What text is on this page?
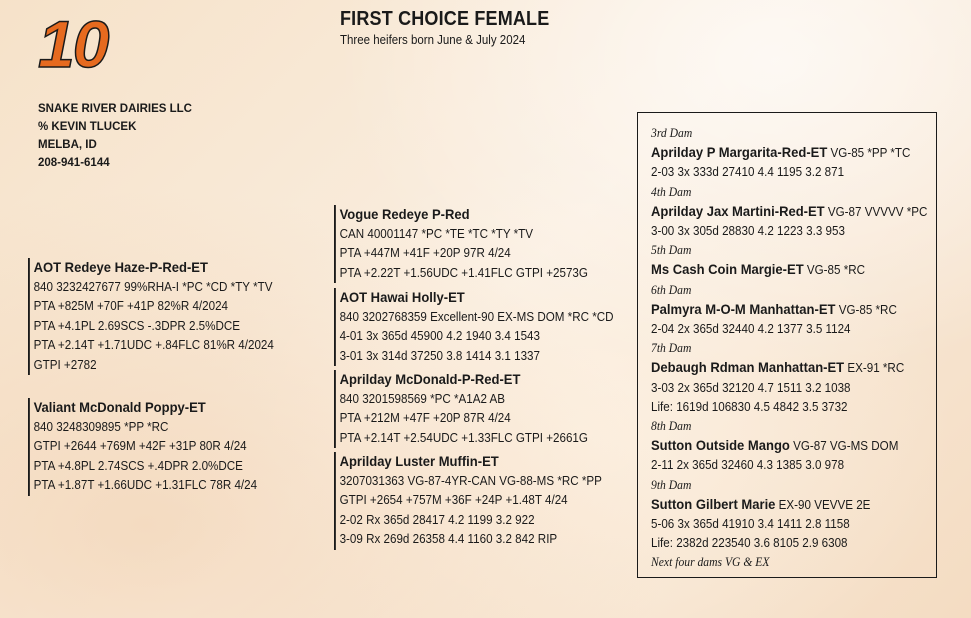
10	FIRST CHOICE FEMALE
Three heifers born June & July 2024
SNAKE RIVER DAIRIES LLC
% KEVIN TLUCEK
MELBA, ID
208-941-6144
AOT Redeye Haze-P-Red-ET
840 3232427677 99%RHA-I *PC *CD *TY *TV
PTA +825M +70F +41P 82%R 4/2024
PTA +4.1PL 2.69SCS -.3DPR 2.5%DCE
PTA +2.14T +1.71UDC +.84FLC 81%R 4/2024
GTPI +2782
Valiant McDonald Poppy-ET
840 3248309895 *PP *RC
GTPI +2644 +769M +42F +31P 80R 4/24
PTA +4.8PL 2.74SCS +.4DPR 2.0%DCE
PTA +1.87T +1.66UDC +1.31FLC 78R 4/24
Vogue Redeye P-Red
CAN 40001147 *PC *TE *TC *TY *TV
PTA +447M +41F +20P 97R 4/24
PTA +2.22T +1.56UDC +1.41FLC GTPI +2573G
AOT Hawai Holly-ET
840 3202768359 Excellent-90 EX-MS DOM *RC *CD
4-01 3x 365d 45900 4.2 1940 3.4 1543
3-01 3x 314d 37250 3.8 1414 3.1 1337
Aprilday McDonald-P-Red-ET
840 3201598569 *PC *A1A2 AB
PTA +212M +47F +20P 87R 4/24
PTA +2.14T +2.54UDC +1.33FLC GTPI +2661G
Aprilday Luster Muffin-ET
3207031363 VG-87-4YR-CAN VG-88-MS *RC *PP
GTPI +2654 +757M +36F +24P +1.48T 4/24
2-02 Rx 365d 28417 4.2 1199 3.2 922
3-09 Rx 269d 26358 4.4 1160 3.2 842 RIP
3rd Dam
Aprilday P Margarita-Red-ET VG-85 *PP *TC
2-03 3x 333d 27410 4.4 1195 3.2 871
4th Dam
Aprilday Jax Martini-Red-ET VG-87 VVVVV *PC
3-00 3x 305d 28830 4.2 1223 3.3 953
5th Dam
Ms Cash Coin Margie-ET VG-85 *RC
6th Dam
Palmyra M-O-M Manhattan-ET VG-85 *RC
2-04 2x 365d 32440 4.2 1377 3.5 1124
7th Dam
Debaugh Rdman Manhattan-ET EX-91 *RC
3-03 2x 365d 32120 4.7 1511 3.2 1038
Life: 1619d 106830 4.5 4842 3.5 3732
8th Dam
Sutton Outside Mango VG-87 VG-MS DOM
2-11 2x 365d 32460 4.3 1385 3.0 978
9th Dam
Sutton Gilbert Marie EX-90 VEVVE 2E
5-06 3x 365d 41910 3.4 1411 2.8 1158
Life: 2382d 223540 3.6 8105 2.9 6308
Next four dams VG & EX
